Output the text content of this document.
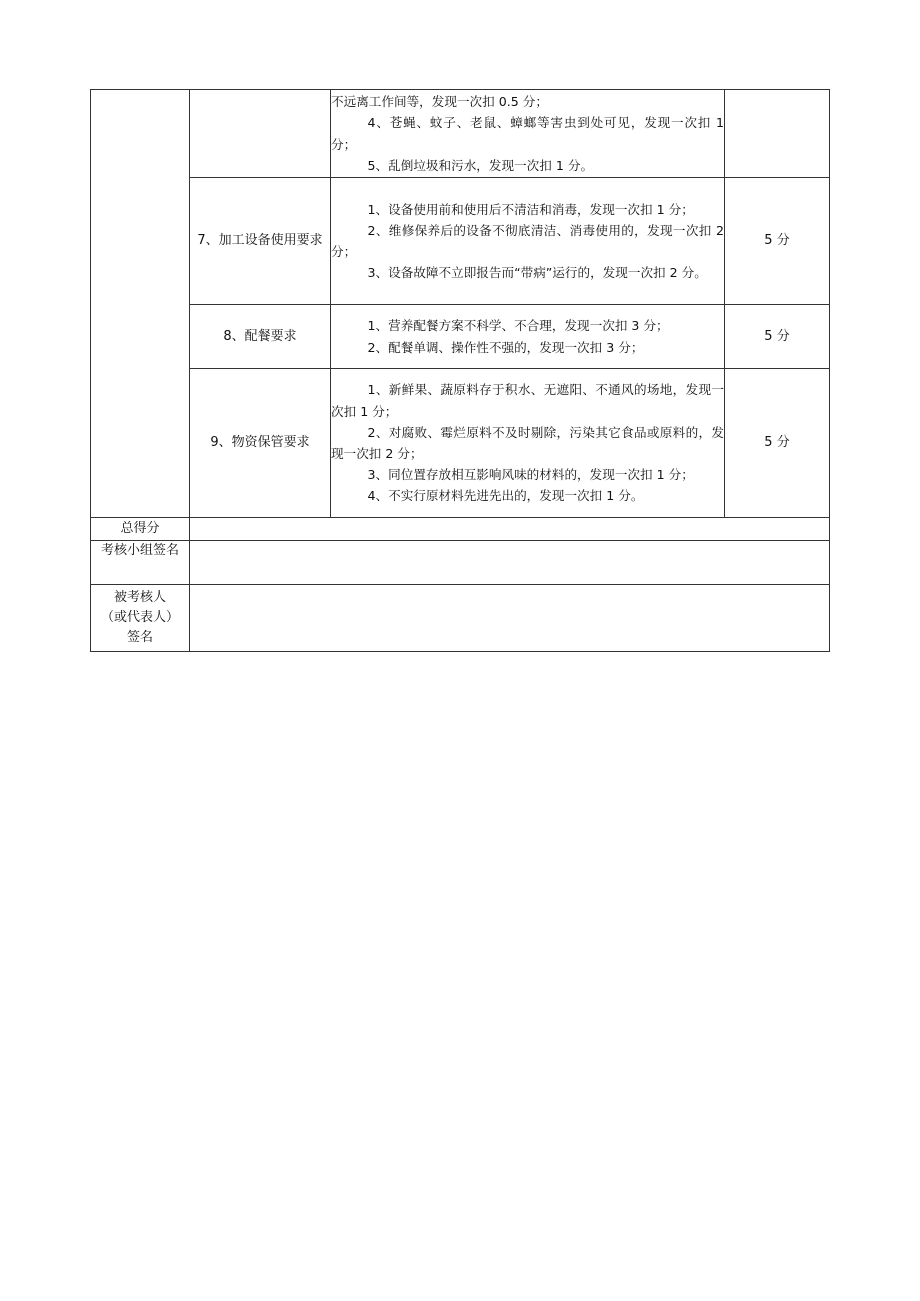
		不远离工作间等，发现一次扣 0.5 分；

4、苍蝇、蚊子、老鼠、蟑螂等害虫到处可见，发现一次扣 1 分；

5、乱倒垃圾和污水，发现一次扣 1 分。	

	7、加工设备使用要求	1、设备使用前和使用后不清洁和消毒，发现一次扣 1 分；

2、维修保养后的设备不彻底清洁、消毒使用的，发现一次扣 2 分；

3、设备故障不立即报告而“带病”运行的，发现一次扣 2 分。	5 分
	8、配餐要求	1、营养配餐方案不科学、不合理，发现一次扣 3 分；

2、配餐单调、操作性不强的，发现一次扣 3 分；	5 分
	9、物资保管要求	1、新鲜果、蔬原料存于积水、无遮阳、不通风的场地，发现一次扣 1 分；

2、对腐败、霉烂原料不及时剔除，污染其它食品或原料的，发现一次扣 2 分；

3、同位置存放相互影响风味的材料的，发现一次扣 1 分；

4、不实行原材料先进先出的，发现一次扣 1 分。	5 分
总得分			
考核小组签名			

被考核人
（或代表人）
签名			
